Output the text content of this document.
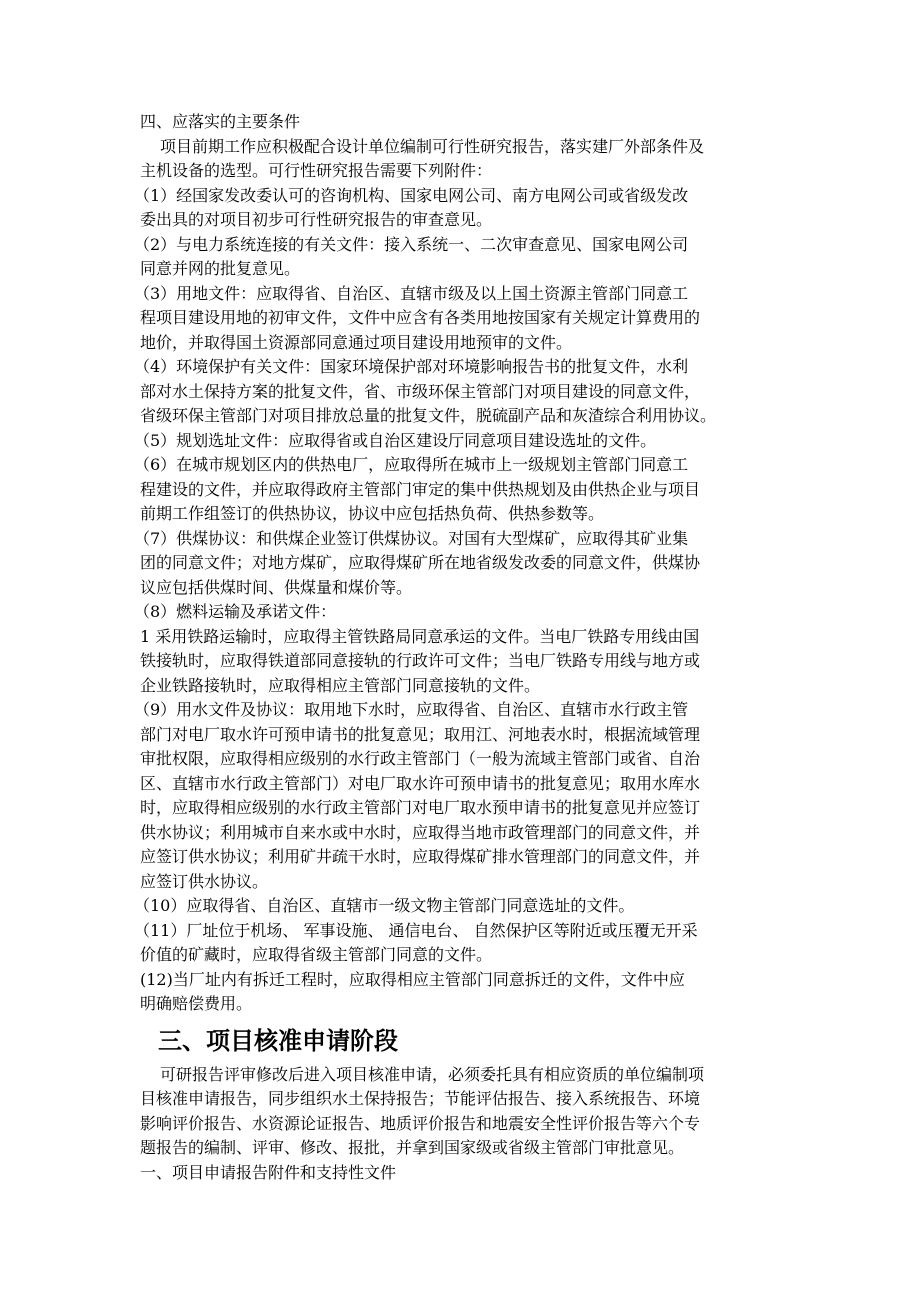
四、应落实的主要条件

项目前期工作应积极配合设计单位编制可行性研究报告，落实建厂外部条件及

主机设备的选型。可行性研究报告需要下列附件：

（1）经国家发改委认可的咨询机构、国家电网公司、南方电网公司或省级发改

委出具的对项目初步可行性研究报告的审查意见。

（2）与电力系统连接的有关文件：接入系统一、二次审查意见、国家电网公司

同意并网的批复意见。

（3）用地文件：应取得省、自治区、直辖市级及以上国土资源主管部门同意工

程项目建设用地的初审文件，文件中应含有各类用地按国家有关规定计算费用的

地价，并取得国土资源部同意通过项目建设用地预审的文件。

（4）环境保护有关文件：国家环境保护部对环境影响报告书的批复文件，水利

部对水土保持方案的批复文件，省、市级环保主管部门对项目建设的同意文件，

省级环保主管部门对项目排放总量的批复文件，脱硫副产品和灰渣综合利用协议。

（5）规划选址文件：应取得省或自治区建设厅同意项目建设选址的文件。

（6）在城市规划区内的供热电厂，应取得所在城市上一级规划主管部门同意工

程建设的文件，并应取得政府主管部门审定的集中供热规划及由供热企业与项目

前期工作组签订的供热协议，协议中应包括热负荷、供热参数等。

（7）供煤协议：和供煤企业签订供煤协议。对国有大型煤矿，应取得其矿业集

团的同意文件；对地方煤矿，应取得煤矿所在地省级发改委的同意文件，供煤协

议应包括供煤时间、供煤量和煤价等。

（8）燃料运输及承诺文件：

1 采用铁路运输时，应取得主管铁路局同意承运的文件。当电厂铁路专用线由国

铁接轨时，应取得铁道部同意接轨的行政许可文件；当电厂铁路专用线与地方或

企业铁路接轨时，应取得相应主管部门同意接轨的文件。

（9）用水文件及协议：取用地下水时，应取得省、自治区、直辖市水行政主管

部门对电厂取水许可预申请书的批复意见；取用江、河地表水时，根据流域管理

审批权限，应取得相应级别的水行政主管部门（一般为流域主管部门或省、自治

区、直辖市水行政主管部门）对电厂取水许可预申请书的批复意见；取用水库水

时，应取得相应级别的水行政主管部门对电厂取水预申请书的批复意见并应签订

供水协议；利用城市自来水或中水时，应取得当地市政管理部门的同意文件，并

应签订供水协议；利用矿井疏干水时，应取得煤矿排水管理部门的同意文件，并

应签订供水协议。

（10）应取得省、自治区、直辖市一级文物主管部门同意选址的文件。

（11）厂址位于机场、 军事设施、 通信电台、 自然保护区等附近或压覆无开采

价值的矿藏时，应取得省级主管部门同意的文件。

(12)当厂址内有拆迁工程时，应取得相应主管部门同意拆迁的文件，文件中应

明确赔偿费用。

三、项目核准申请阶段

可研报告评审修改后进入项目核准申请，必须委托具有相应资质的单位编制项

目核准申请报告，同步组织水土保持报告；节能评估报告、接入系统报告、环境

影响评价报告、水资源论证报告、地质评价报告和地震安全性评价报告等六个专

题报告的编制、评审、修改、报批，并拿到国家级或省级主管部门审批意见。

一、项目申请报告附件和支持性文件
